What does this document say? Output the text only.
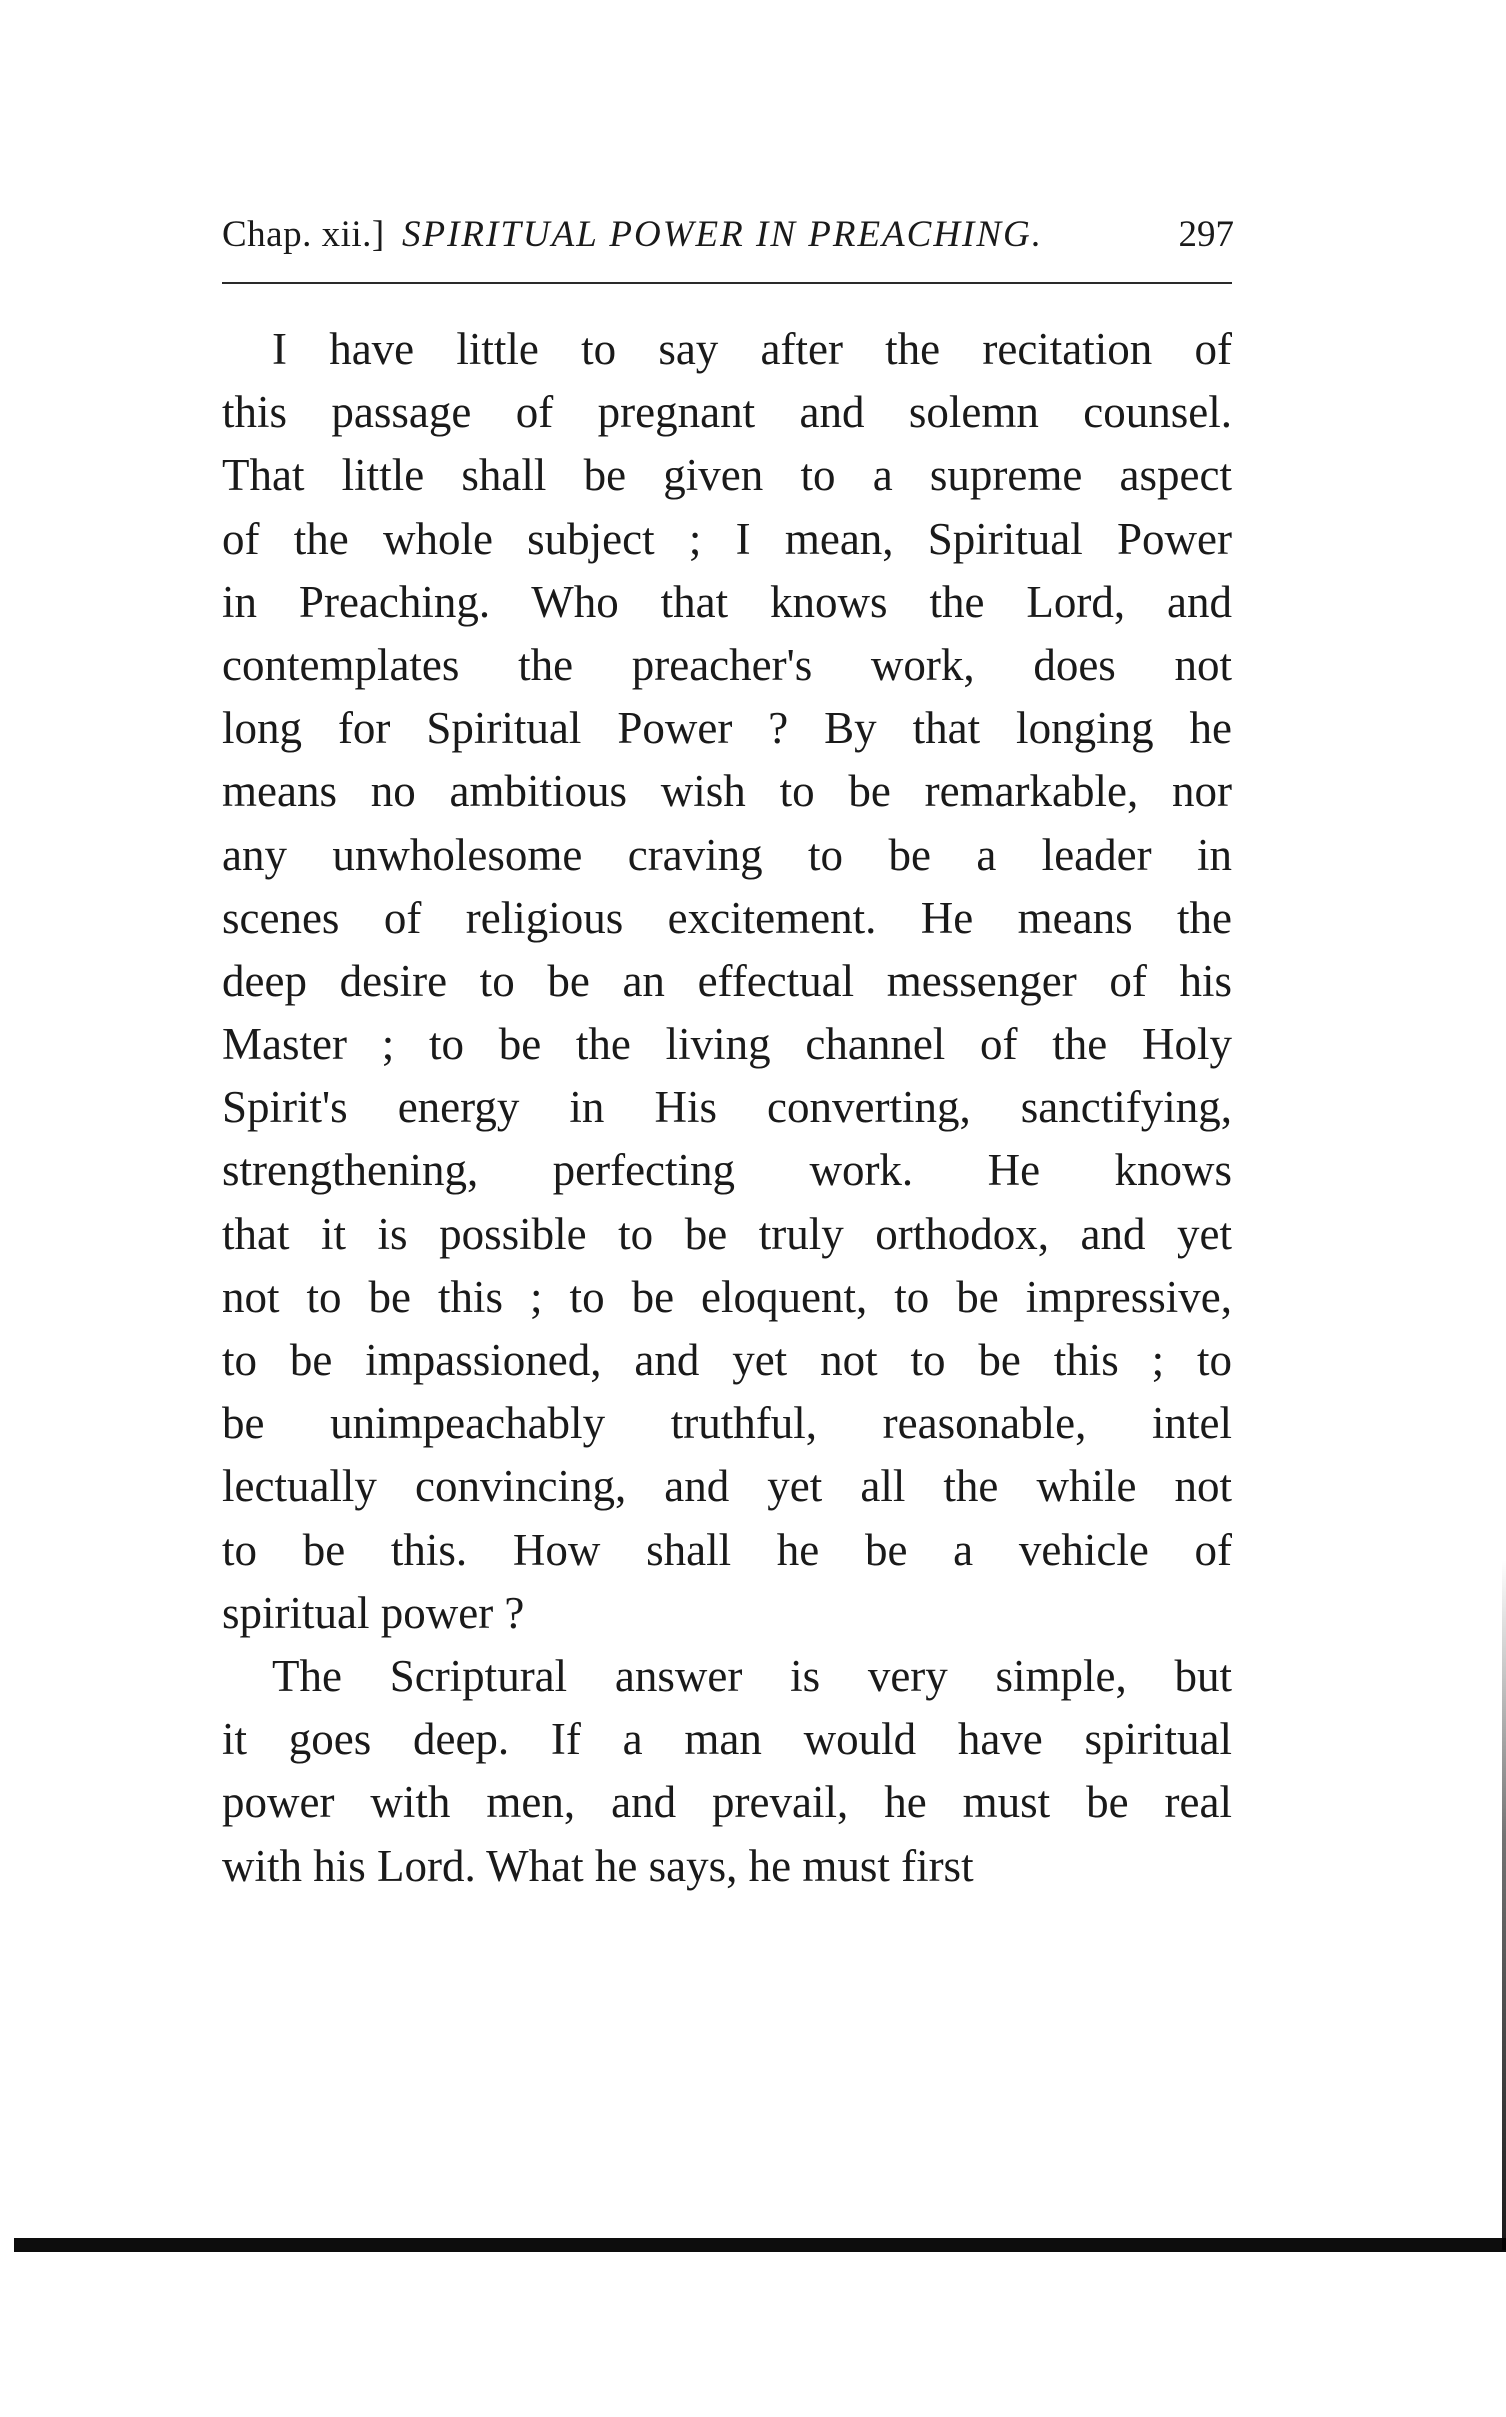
Chap. xii.] SPIRITUAL POWER IN PREACHING.	297
I have little to say after the recitation of
this passage of pregnant and solemn counsel.
That little shall be given to a supreme aspect
of the whole subject ; I mean, Spiritual Power
in Preaching. Who that knows the Lord, and
contemplates the preacher's work, does not
long for Spiritual Power ? By that longing he
means no ambitious wish to be remarkable, nor
any unwholesome craving to be a leader in
scenes of religious excitement. He means the
deep desire to be an effectual messenger of his
Master ; to be the living channel of the Holy
Spirit's energy in His converting, sanctifying,
strengthening, perfecting work. He knows
that it is possible to be truly orthodox, and yet
not to be this ; to be eloquent, to be impressive,
to be impassioned, and yet not to be this ; to
be unimpeachably truthful, reasonable, intel
lectually convincing, and yet all the while not
to be this. How shall he be a vehicle of
spiritual power ?
The Scriptural answer is very simple, but
it goes deep. If a man would have spiritual
power with men, and prevail, he must be real
with his Lord. What he says, he must first
